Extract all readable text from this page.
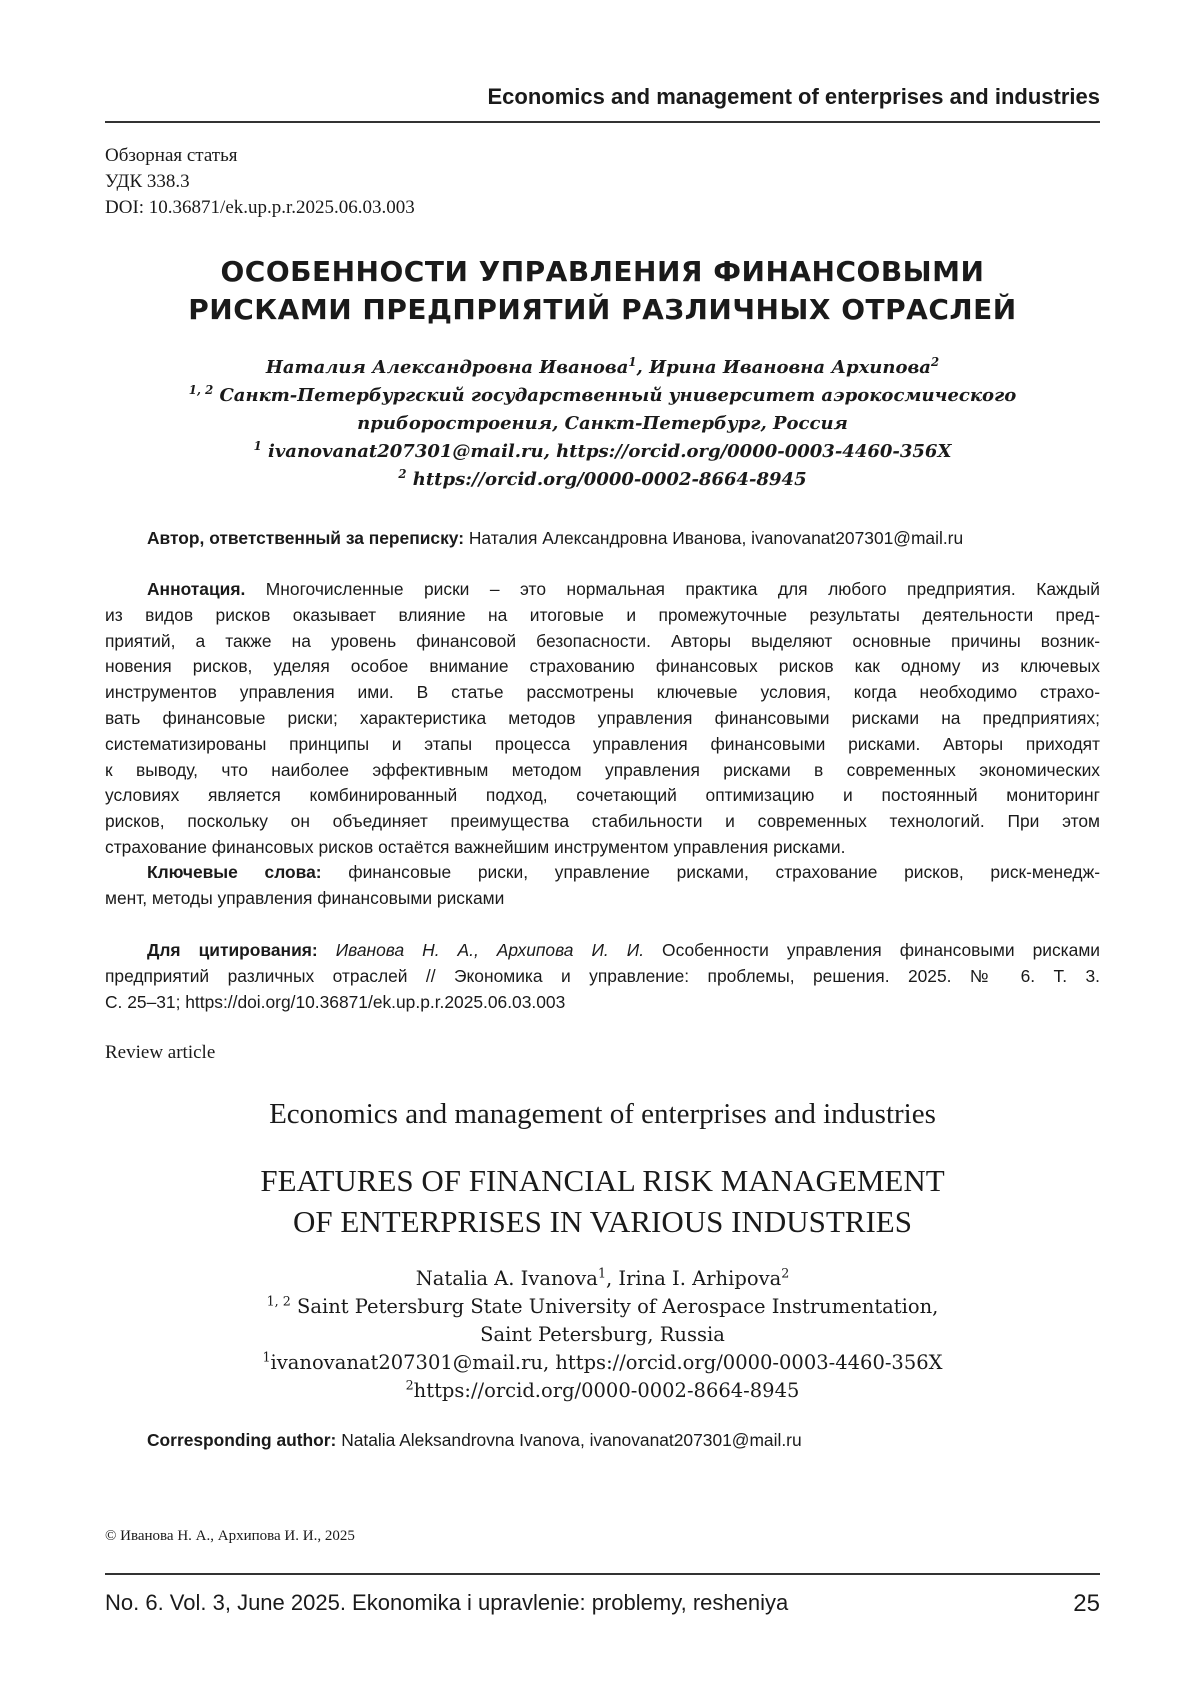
Economics and management of enterprises and industries
Обзорная статья
УДК 338.3
DOI: 10.36871/ek.up.p.r.2025.06.03.003
ОСОБЕННОСТИ УПРАВЛЕНИЯ ФИНАНСОВЫМИ
РИСКАМИ ПРЕДПРИЯТИЙ РАЗЛИЧНЫХ ОТРАСЛЕЙ
Наталия Александровна Иванова$^1$, Ирина Ивановна Архипова$^2$
$^{1, 2}$ Санкт-Петербургский государственный университет аэрокосмического
приборостроения, Санкт-Петербург, Россия
$^1$ ivanovanat207301@mail.ru, https://orcid.org/0000-0003-4460-356X
$^2$ https://orcid.org/0000-0002-8664-8945
Автор, ответственный за переписку: Наталия Александровна Иванова, ivanovanat207301@mail.ru
Аннотация. Многочисленные риски – это нормальная практика для любого предприятия. Каждый
из видов рисков оказывает влияние на итоговые и промежуточные результаты деятельности пред-
приятий, а также на уровень финансовой безопасности. Авторы выделяют основные причины возник-
новения рисков, уделяя особое внимание страхованию финансовых рисков как одному из ключевых
инструментов управления ими. В статье рассмотрены ключевые условия, когда необходимо страхо-
вать финансовые риски; характеристика методов управления финансовыми рисками на предприятиях;
систематизированы принципы и этапы процесса управления финансовыми рисками. Авторы приходят
к выводу, что наиболее эффективным методом управления рисками в современных экономических
условиях является комбинированный подход, сочетающий оптимизацию и постоянный мониторинг
рисков, поскольку он объединяет преимущества стабильности и современных технологий. При этом
страхование финансовых рисков остаётся важнейшим инструментом управления рисками.
Ключевые слова: финансовые риски, управление рисками, страхование рисков, риск-менедж-
мент, методы управления финансовыми рисками
Для цитирования: Иванова Н. А., Архипова И. И. Особенности управления финансовыми рисками
предприятий различных отраслей // Экономика и управление: проблемы, решения. 2025. № 6. Т. 3.
С. 25–31; https://doi.org/10.36871/ek.up.p.r.2025.06.03.003
Review article
Economics and management of enterprises and industries
FEATURES OF FINANCIAL RISK MANAGEMENT
OF ENTERPRISES IN VARIOUS INDUSTRIES
Natalia A. Ivanova$^1$, Irina I. Arhipova$^2$
$^{1, 2}$ Saint Petersburg State University of Aerospace Instrumentation,
Saint Petersburg, Russia
$^1$ivanovanat207301@mail.ru, https://orcid.org/0000-0003-4460-356X
$^2$https://orcid.org/0000-0002-8664-8945
Corresponding author: Natalia Aleksandrovna Ivanova, ivanovanat207301@mail.ru
© Иванова Н. А., Архипова И. И., 2025
No. 6. Vol. 3, June 2025. Ekonomika i upravlenie: problemy, resheniya	25
